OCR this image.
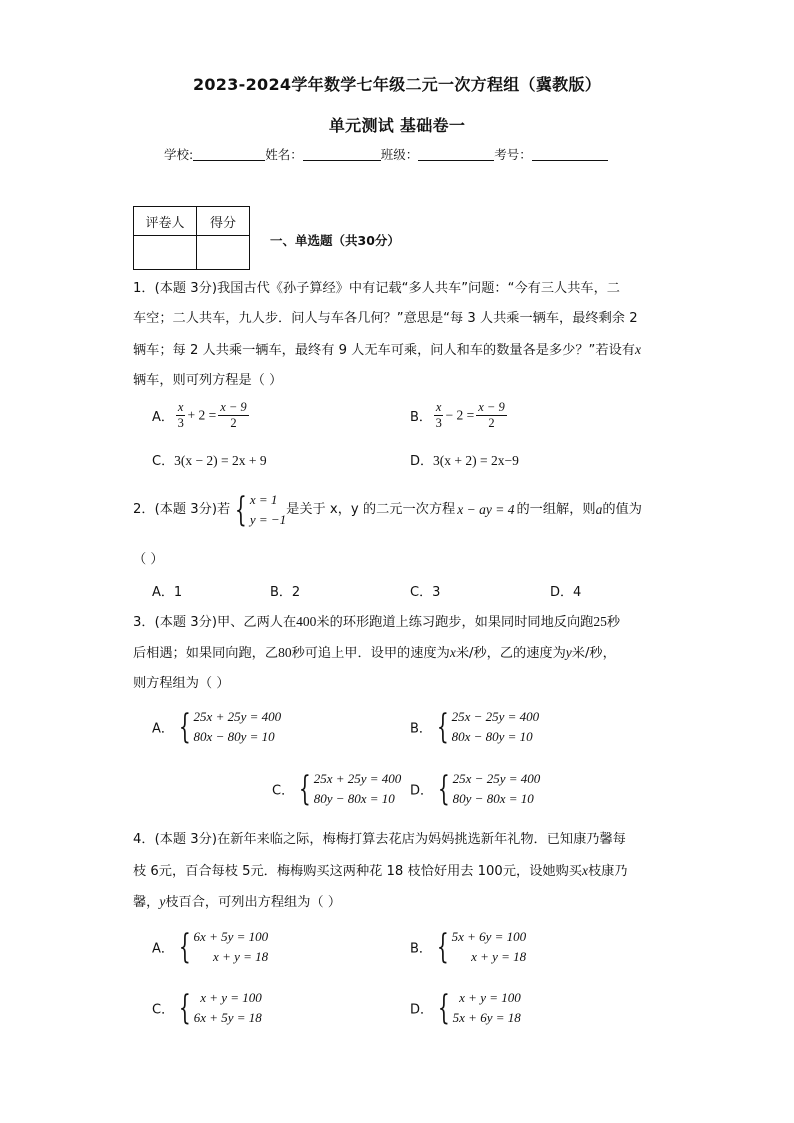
2023-2024学年数学七年级二元一次方程组（冀教版）
单元测试 基础卷一
学校:	姓名：	班级：	考号：
评卷人	得分

一、单选题（共30分）
1．(本题 3分)我国古代《孙子算经》中有记载“多人共车”问题：“今有三人共车，二
车空；二人共车，九人步．问人与车各几何？”意思是“每 3 人共乘一辆车，最终剩余 2
辆车；每 2 人共乘一辆车，最终有 9 人无车可乘，问人和车的数量各是多少？”若设有x
辆车，则可列方程是（ ）
A． $\frac{x}{3} + 2 = \frac{x - 9}{2}$	B． $\frac{x}{3} - 2 = \frac{x - 9}{2}$
C．3(x − 2) = 2x + 9	D．3(x + 2) = 2x−9
2．(本题 3分)若 { x = 1
y = −1
是关于 x，y 的二元一次方程 x − ay = 4 的一组解，则a的值为
（ ）
A．1	B．2	C．3	D．4
3．(本题 3分)甲、乙两人在400米的环形跑道上练习跑步，如果同时同地反向跑25秒
后相遇；如果同向跑，乙80秒可追上甲．设甲的速度为x米/秒，乙的速度为y米/秒，
则方程组为（ ）
A． { 25x + 25y = 400
80x − 80y = 10	B． { 25x − 25y = 400
80x − 80y = 10
C． { 25x + 25y = 400
80y − 80x = 10	D． { 25x − 25y = 400
80y − 80x = 10
4．(本题 3分)在新年来临之际，梅梅打算去花店为妈妈挑选新年礼物．已知康乃馨每
枝 6元，百合每枝 5元．梅梅购买这两种花 18 枝恰好用去 100元，设她购买x枝康乃
馨，y枝百合，可列出方程组为（ ）
A． { 6x + 5y = 100
x + y = 18	B． { 5x + 6y = 100
x + y = 18
C． { x + y = 100
6x + 5y = 18	D． { x + y = 100
5x + 6y = 18
